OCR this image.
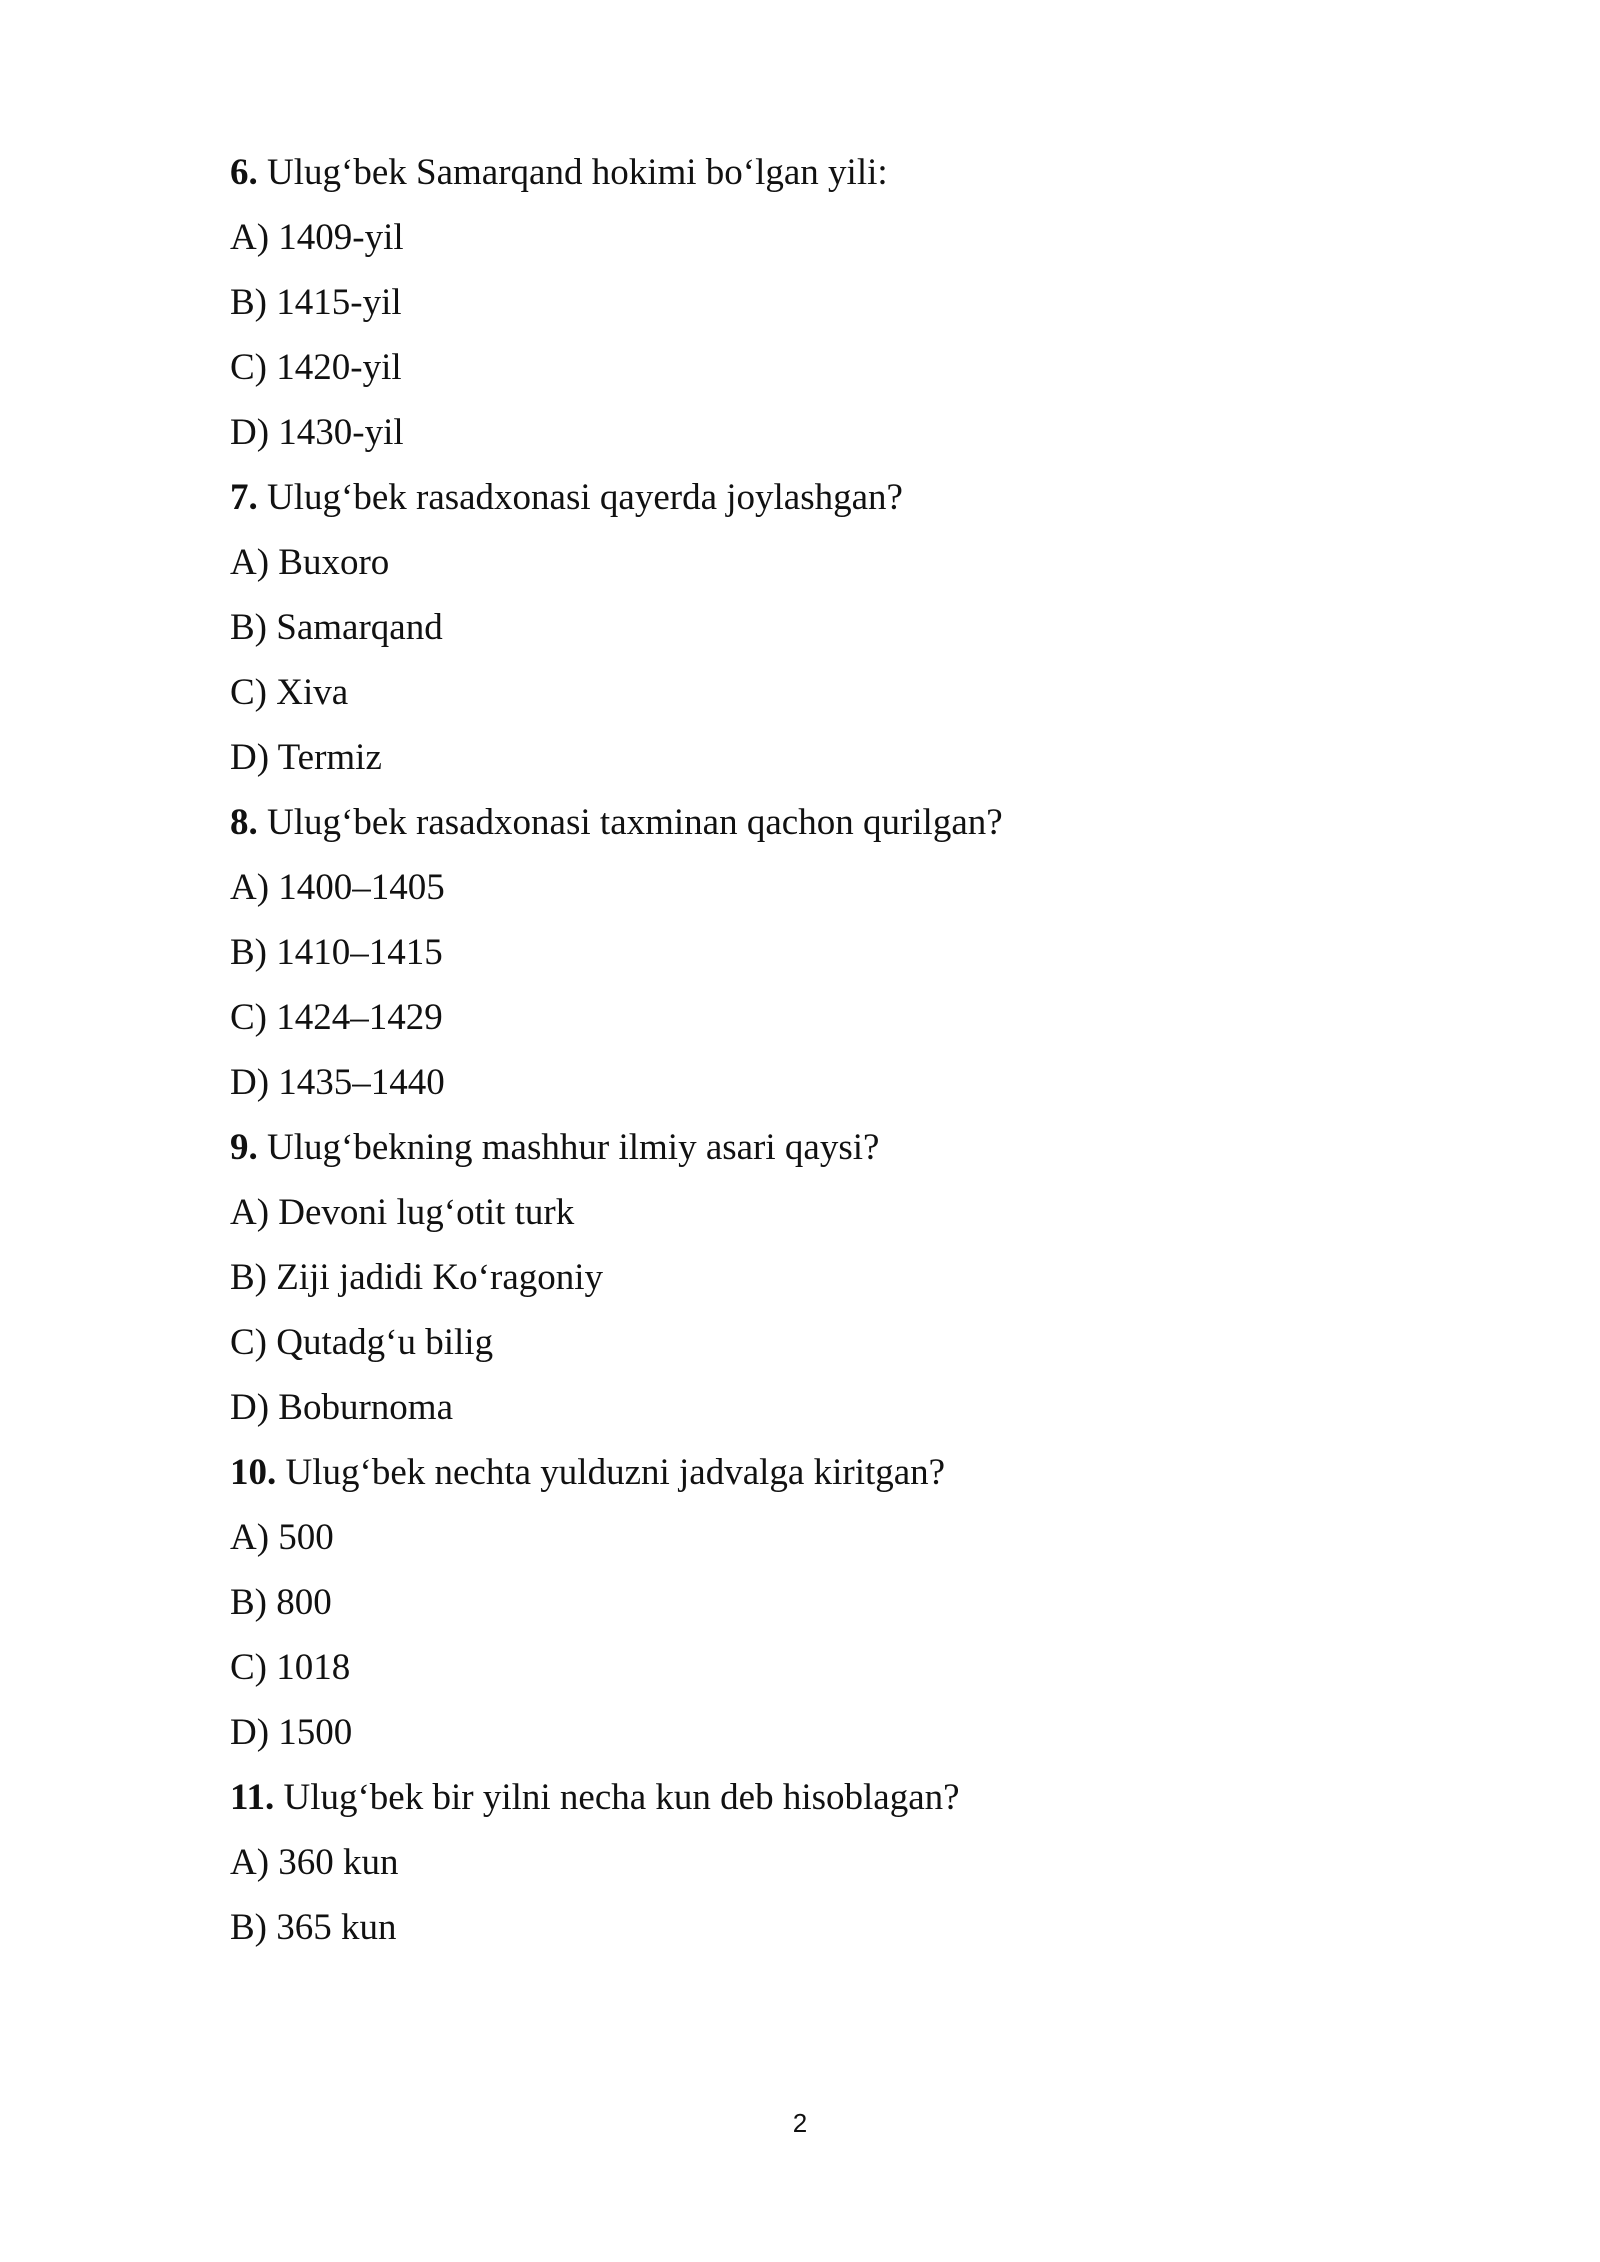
6. Ulug‘bek Samarqand hokimi bo‘lgan yili:
A) 1409-yil
B) 1415-yil
C) 1420-yil
D) 1430-yil
7. Ulug‘bek rasadxonasi qayerda joylashgan?
A) Buxoro
B) Samarqand
C) Xiva
D) Termiz
8. Ulug‘bek rasadxonasi taxminan qachon qurilgan?
A) 1400–1405
B) 1410–1415
C) 1424–1429
D) 1435–1440
9. Ulug‘bekning mashhur ilmiy asari qaysi?
A) Devoni lug‘otit turk
B) Ziji jadidi Ko‘ragoniy
C) Qutadg‘u bilig
D) Boburnoma
10. Ulug‘bek nechta yulduzni jadvalga kiritgan?
A) 500
B) 800
C) 1018
D) 1500
11. Ulug‘bek bir yilni necha kun deb hisoblagan?
A) 360 kun
B) 365 kun
2
